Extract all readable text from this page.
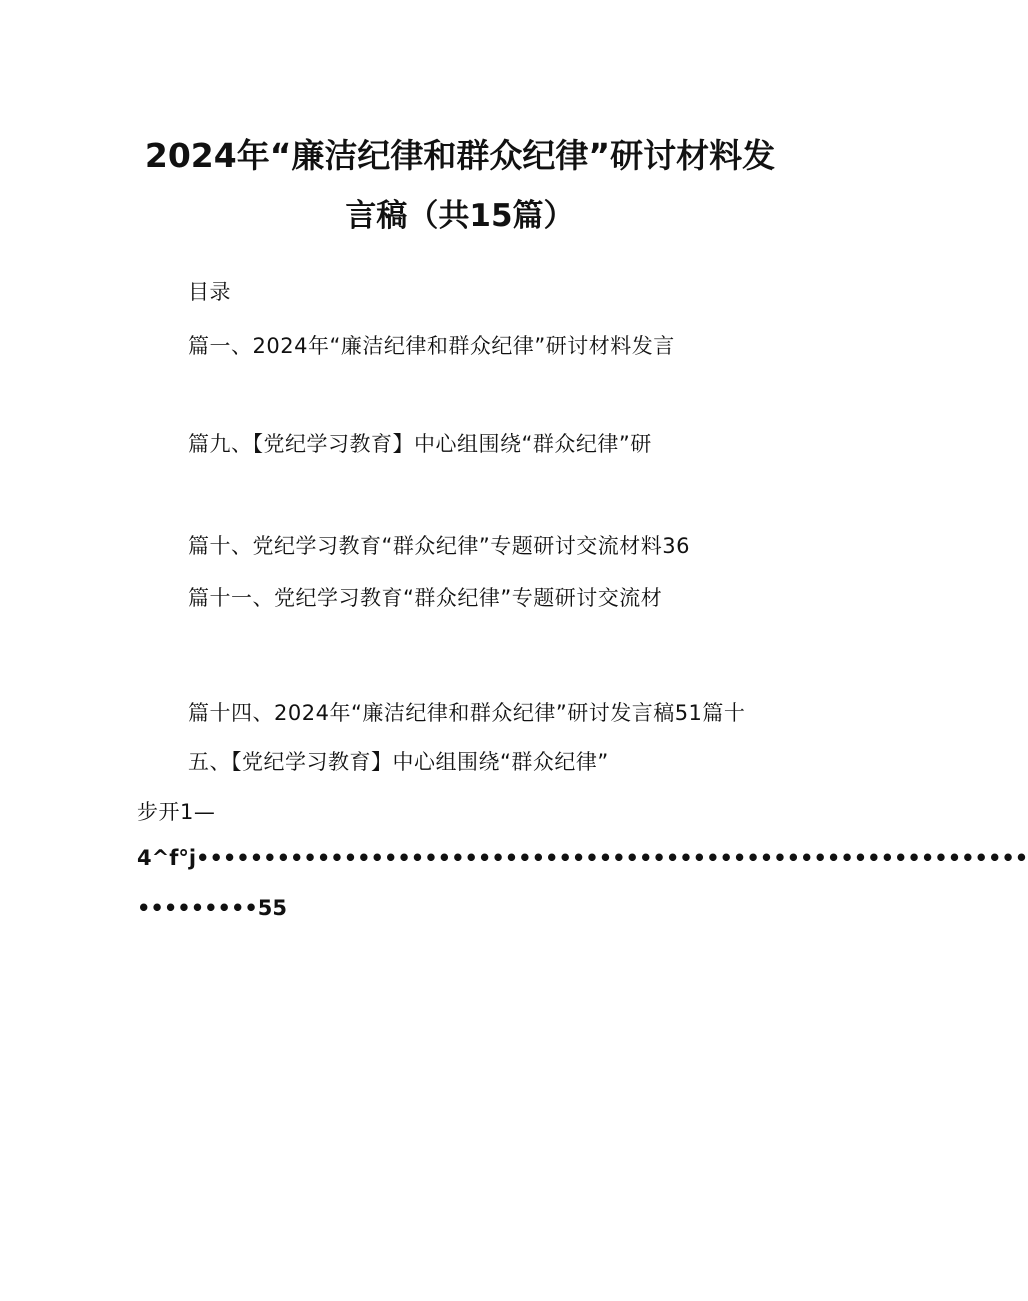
2024年“廉洁纪律和群众纪律”研讨材料发
言稿（共15篇）
目录
篇一、2024年“廉洁纪律和群众纪律”研讨材料发言
篇九、【党纪学习教育】中心组围绕“群众纪律”研
篇十、党纪学习教育“群众纪律”专题研讨交流材料36
篇十一、党纪学习教育“群众纪律”专题研讨交流材
篇十四、2024年“廉洁纪律和群众纪律”研讨发言稿51篇十
五、【党纪学习教育】中心组围绕“群众纪律”
步开1—
4^f°j••••••••••••••••••••••••••••••••••••••••••••••••••••••••••••••
•••••••••55
